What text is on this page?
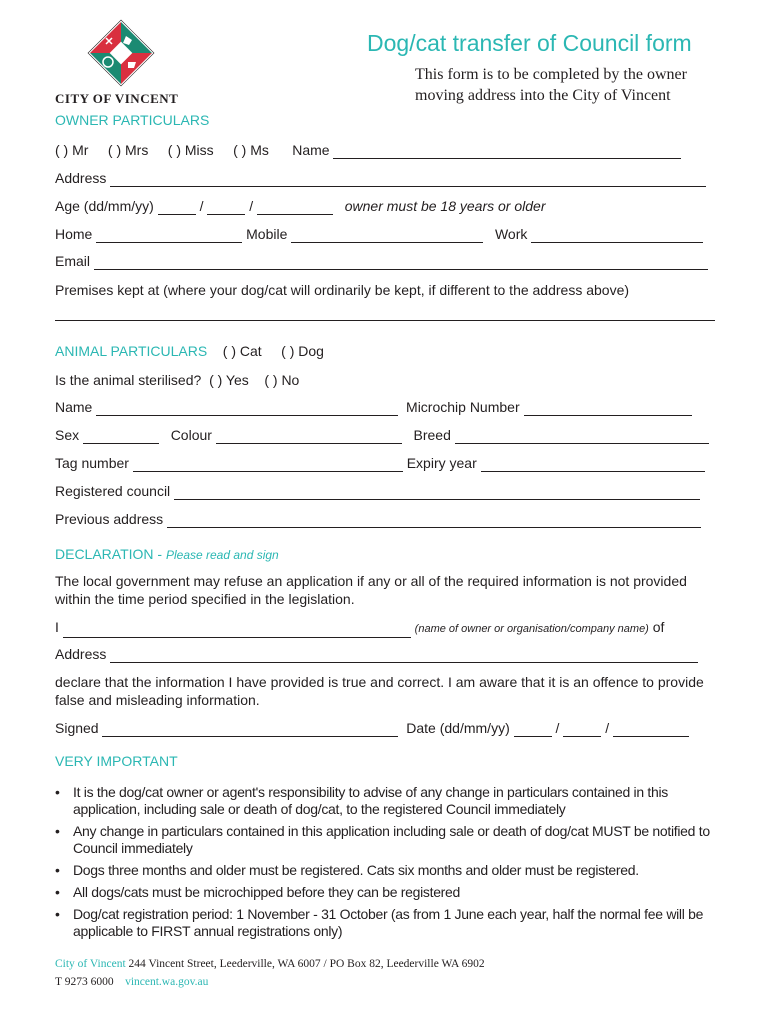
CITY OF VINCENT
Dog/cat transfer of Council form
This form is to be completed by the owner
moving address into the City of Vincent
OWNER PARTICULARS
( ) Mr ( ) Mrs ( ) Miss ( ) Ms Name
Address
Age (dd/mm/yy)	/	/	owner must be 18 years or older
Home	Mobile	Work
Email
Premises kept at (where your dog/cat will ordinarily be kept, if different to the address above)
ANIMAL PARTICULARS ( ) Cat ( ) Dog
Is the animal sterilised? ( ) Yes ( ) No
Name	Microchip Number
Sex	Colour	Breed
Tag number	Expiry year
Registered council
Previous address
DECLARATION - Please read and sign
The local government may refuse an application if any or all of the required information is not provided within the time period specified in the legislation.
I	(name of owner or organisation/company name) of
Address
declare that the information I have provided is true and correct. I am aware that it is an offence to provide false and misleading information.
Signed	Date (dd/mm/yy)	/	/
VERY IMPORTANT
• It is the dog/cat owner or agent's responsibility to advise of any change in particulars contained in this application, including sale or death of dog/cat, to the registered Council immediately
• Any change in particulars contained in this application including sale or death of dog/cat MUST be notified to Council immediately
• Dogs three months and older must be registered. Cats six months and older must be registered.
• All dogs/cats must be microchipped before they can be registered
• Dog/cat registration period: 1 November - 31 October (as from 1 June each year, half the normal fee will be applicable to FIRST annual registrations only)
City of Vincent 244 Vincent Street, Leederville, WA 6007 / PO Box 82, Leederville WA 6902
T 9273 6000 vincent.wa.gov.au
